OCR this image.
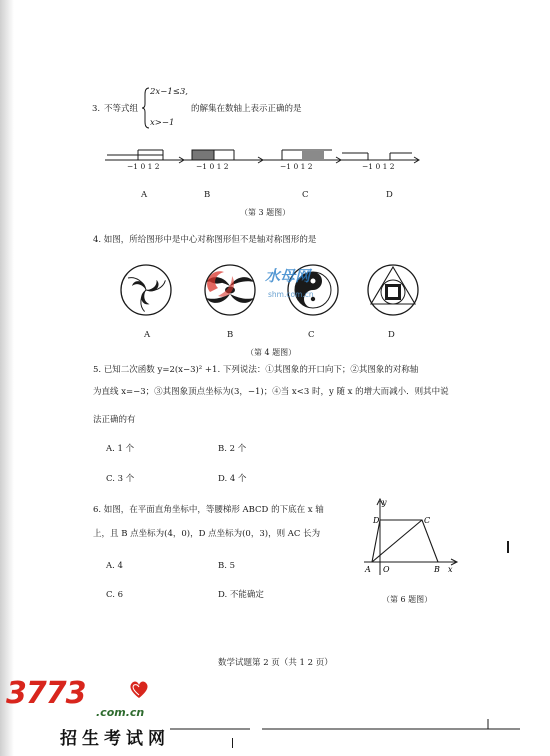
3. 不等式组
2x−1≤3,
x>−1
的解集在数轴上表示正确的是
−1 0 1 2	−1 0 1 2	−1 0 1 2	−1 0 1 2
A	B	C	D
（第 3 题图）
4. 如图，所给图形中是中心对称图形但不是轴对称图形的是
A	B	C	D
（第 4 题图）
水母网
shm.com.cn
5. 已知二次函数 y=2(x−3)² +1. 下列说法：①其图象的开口向下；②其图象的对称轴
为直线 x=−3；③其图象顶点坐标为(3，−1)；④当 x<3 时，y 随 x 的增大而减小．则其中说
法正确的有
A. 1 个	B. 2 个
C. 3 个	D. 4 个
6. 如图，在平面直角坐标中，等腰梯形 ABCD 的下底在 x 轴
上，且 B 点坐标为(4，0)，D 点坐标为(0，3)，则 AC 长为
A. 4	B. 5
C. 6	D. 不能确定
y
x
D	C
A O	B
（第 6 题图）
数学试题第 2 页（共 1 2 页）
3773
.com.cn
招生考试网
